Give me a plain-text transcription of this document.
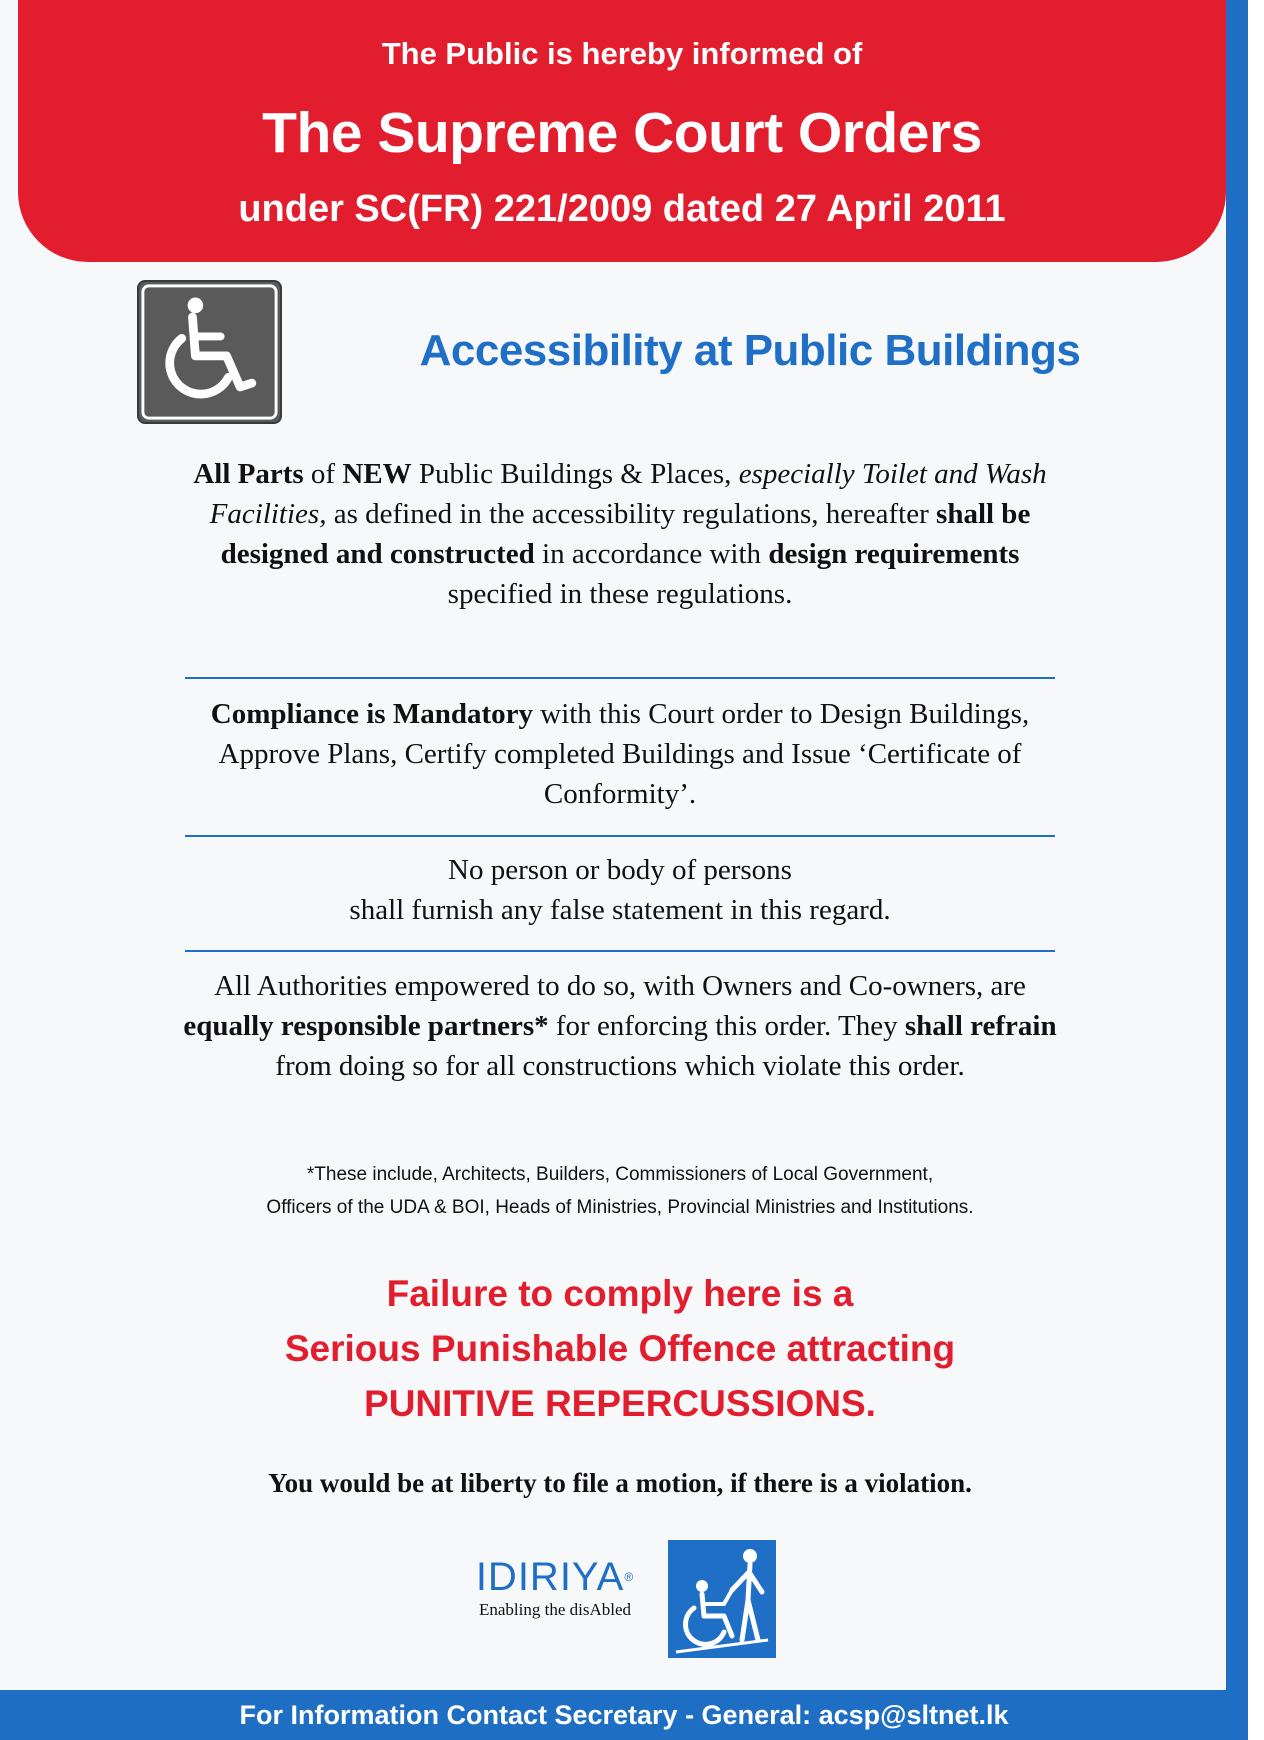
The Public is hereby informed of
The Supreme Court Orders
under SC(FR) 221/2009 dated 27 April 2011
Accessibility at Public Buildings
All Parts of NEW Public Buildings & Places, especially Toilet and Wash Facilities, as defined in the accessibility regulations, hereafter shall be designed and constructed in accordance with design requirements specified in these regulations.
Compliance is Mandatory with this Court order to Design Buildings, Approve Plans, Certify completed Buildings and Issue ‘Certificate of Conformity’.
No person or body of persons
shall furnish any false statement in this regard.
All Authorities empowered to do so, with Owners and Co-owners, are equally responsible partners* for enforcing this order. They shall refrain from doing so for all constructions which violate this order.
*These include, Architects, Builders, Commissioners of Local Government,
Officers of the UDA & BOI, Heads of Ministries, Provincial Ministries and Institutions.
Failure to comply here is a
Serious Punishable Offence attracting
PUNITIVE REPERCUSSIONS.
You would be at liberty to file a motion, if there is a violation.
IDIRIYA®
Enabling the disAbled
For Information Contact Secretary - General: acsp@sltnet.lk
